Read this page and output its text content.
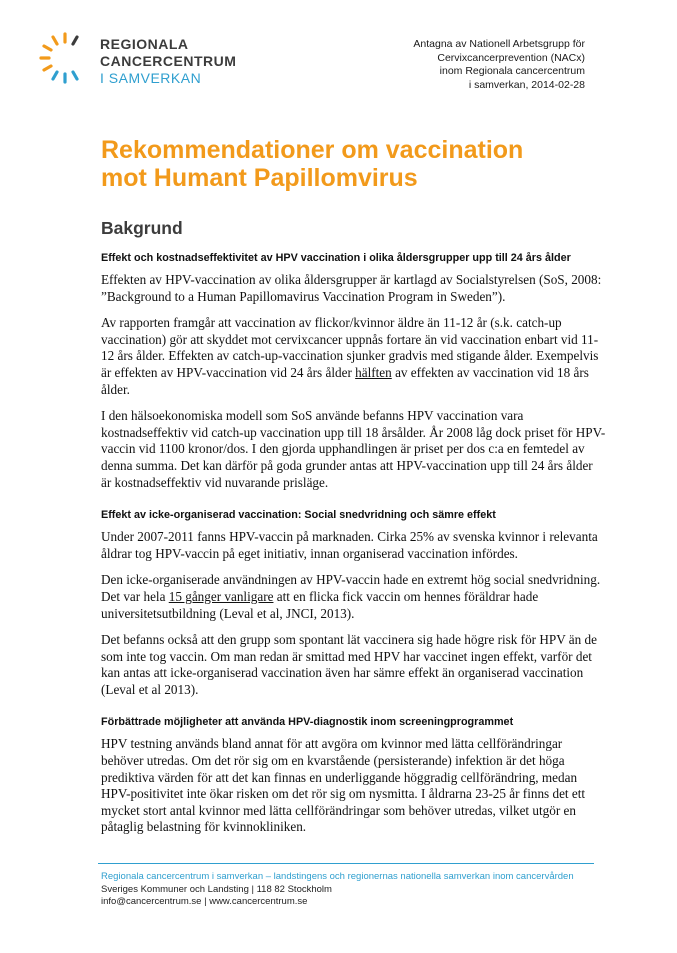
REGIONALA
CANCERCENTRUM
I SAMVERKAN
Antagna av Nationell Arbetsgrupp för
Cervixcancerprevention (NACx)
inom Regionala cancercentrum
i samverkan, 2014-02-28
Rekommendationer om vaccination
mot Humant Papillomvirus
Bakgrund

Effekt och kostnadseffektivitet av HPV vaccination i olika åldersgrupper upp till 24 års ålder

Effekten av HPV-vaccination av olika åldersgrupper är kartlagd av Socialstyrelsen (SoS, 2008:
”Background to a Human Papillomavirus Vaccination Program in Sweden”).

Av rapporten framgår att vaccination av flickor/kvinnor äldre än 11-12 år (s.k. catch-up
vaccination) gör att skyddet mot cervixcancer uppnås fortare än vid vaccination enbart vid 11-
12 års ålder. Effekten av catch-up-vaccination sjunker gradvis med stigande ålder. Exempelvis
är effekten av HPV-vaccination vid 24 års ålder hälften av effekten av vaccination vid 18 års
ålder.

I den hälsoekonomiska modell som SoS använde befanns HPV vaccination vara
kostnadseffektiv vid catch-up vaccination upp till 18 årsålder. År 2008 låg dock priset för HPV-
vaccin vid 1100 kronor/dos. I den gjorda upphandlingen är priset per dos c:a en femtedel av
denna summa. Det kan därför på goda grunder antas att HPV-vaccination upp till 24 års ålder
är kostnadseffektiv vid nuvarande prisläge.

Effekt av icke-organiserad vaccination: Social snedvridning och sämre effekt

Under 2007-2011 fanns HPV-vaccin på marknaden. Cirka 25% av svenska kvinnor i relevanta
åldrar tog HPV-vaccin på eget initiativ, innan organiserad vaccination infördes.

Den icke-organiserade användningen av HPV-vaccin hade en extremt hög social snedvridning.
Det var hela 15 gånger vanligare att en flicka fick vaccin om hennes föräldrar hade
universitetsutbildning (Leval et al, JNCI, 2013).

Det befanns också att den grupp som spontant lät vaccinera sig hade högre risk för HPV än de
som inte tog vaccin. Om man redan är smittad med HPV har vaccinet ingen effekt, varför det
kan antas att icke-organiserad vaccination även har sämre effekt än organiserad vaccination
(Leval et al 2013).

Förbättrade möjligheter att använda HPV-diagnostik inom screeningprogrammet

HPV testning används bland annat för att avgöra om kvinnor med lätta cellförändringar
behöver utredas. Om det rör sig om en kvarstående (persisterande) infektion är det höga
prediktiva värden för att det kan finnas en underliggande höggradig cellförändring, medan
HPV-positivitet inte ökar risken om det rör sig om nysmitta. I åldrarna 23-25 år finns det ett
mycket stort antal kvinnor med lätta cellförändringar som behöver utredas, vilket utgör en
påtaglig belastning för kvinnokliniken.

Regionala cancercentrum i samverkan – landstingens och regionernas nationella samverkan inom cancervården
Sveriges Kommuner och Landsting | 118 82 Stockholm
info@cancercentrum.se | www.cancercentrum.se
